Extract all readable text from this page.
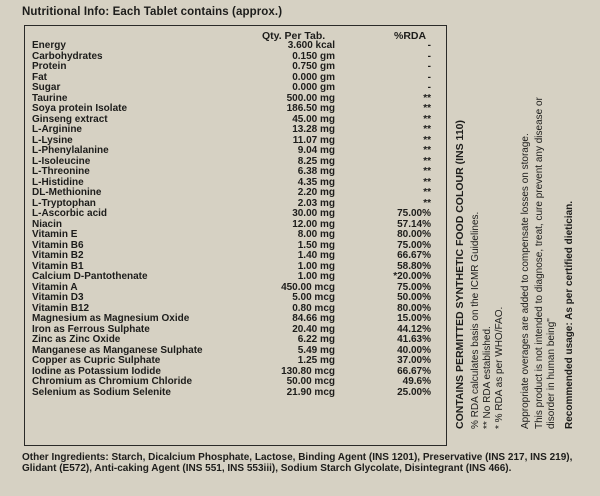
Nutritional Info: Each Tablet contains (approx.)
Qty. Per Tab.	%RDA
Energy	3.600 kcal	-
Carbohydrates	0.150 gm	-
Protein	0.750 gm	-
Fat	0.000 gm	-
Sugar	0.000 gm	-
Taurine	500.00 mg	**
Soya protein Isolate	186.50 mg	**
Ginseng extract	45.00 mg	**
L-Arginine	13.28 mg	**
L-Lysine	11.07 mg	**
L-Phenylalanine	9.04 mg	**
L-Isoleucine	8.25 mg	**
L-Threonine	6.38 mg	**
L-Histidine	4.35 mg	**
DL-Methionine	2.20 mg	**
L-Tryptophan	2.03 mg	**
L-Ascorbic acid	30.00 mg	75.00%
Niacin	12.00 mg	57.14%
Vitamin E	8.00 mg	80.00%
Vitamin B6	1.50 mg	75.00%
Vitamin B2	1.40 mg	66.67%
Vitamin B1	1.00 mg	58.80%
Calcium D-Pantothenate	1.00 mg	*20.00%
Vitamin A	450.00 mcg	75.00%
Vitamin D3	5.00 mcg	50.00%
Vitamin B12	0.80 mcg	80.00%
Magnesium as Magnesium Oxide	84.66 mg	15.00%
Iron as Ferrous Sulphate	20.40 mg	44.12%
Zinc as Zinc Oxide	6.22 mg	41.63%
Manganese as Manganese Sulphate	5.49 mg	40.00%
Copper as Cupric Sulphate	1.25 mg	37.00%
Iodine as Potassium Iodide	130.80 mcg	66.67%
Chromium as Chromium Chloride	50.00 mcg	49.6%
Selenium as Sodium Selenite	21.90 mcg	25.00% CONTAINS PERMITTED SYNTHETIC FOOD COLOUR (INS 110) % RDA calculates basis on the ICMR Guidelines. ** No RDA established. * % RDA as per WHO/FAO. Appropriate overages are added to compensate losses on storage. This product is not intended to diagnose, treat, cure prevent any disease or disorder in human being" Recommended usage: As per certified dietician.
Other Ingredients: Starch, Dicalcium Phosphate, Lactose, Binding Agent (INS 1201), Preservative (INS 217, INS 219), Glidant (E572), Anti-caking Agent (INS 551, INS 553iii), Sodium Starch Glycolate, Disintegrant (INS 466).
